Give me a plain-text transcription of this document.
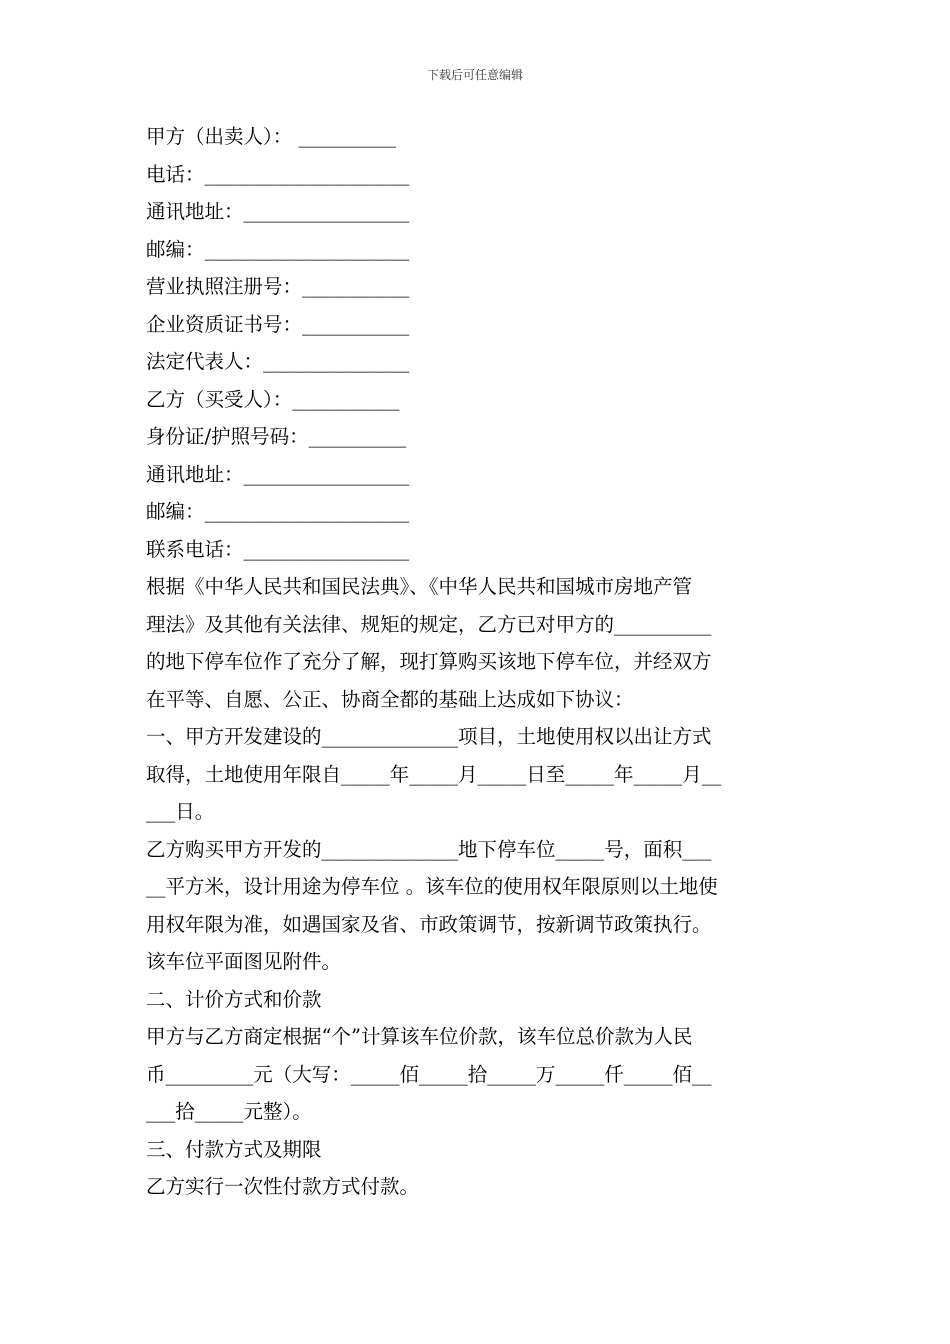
下载后可任意编辑
甲方（出卖人）： __________
电话：_____________________
通讯地址：_________________
邮编：_____________________
营业执照注册号：___________
企业资质证书号：___________
法定代表人：_______________
乙方（买受人）：___________
身份证/护照号码：__________
通讯地址：_________________
邮编：_____________________
联系电话：_________________
根据《中华人民共和国民法典》、《中华人民共和国城市房地产管
理法》及其他有关法律、规矩的规定，乙方已对甲方的__________
的地下停车位作了充分了解，现打算购买该地下停车位，并经双方
在平等、自愿、公正、协商全都的基础上达成如下协议：
一、甲方开发建设的______________项目，土地使用权以出让方式
取得，土地使用年限自_____年_____月_____日至_____年_____月__
___日。
乙方购买甲方开发的______________地下停车位_____号，面积___
__平方米，设计用途为停车位 。该车位的使用权年限原则以土地使
用权年限为准，如遇国家及省、市政策调节，按新调节政策执行。
该车位平面图见附件。
二、计价方式和价款
甲方与乙方商定根据“个”计算该车位价款，该车位总价款为人民
币_________元（大写：_____佰_____拾_____万_____仟_____佰__
___拾_____元整）。
三、付款方式及期限
乙方实行一次性付款方式付款。
